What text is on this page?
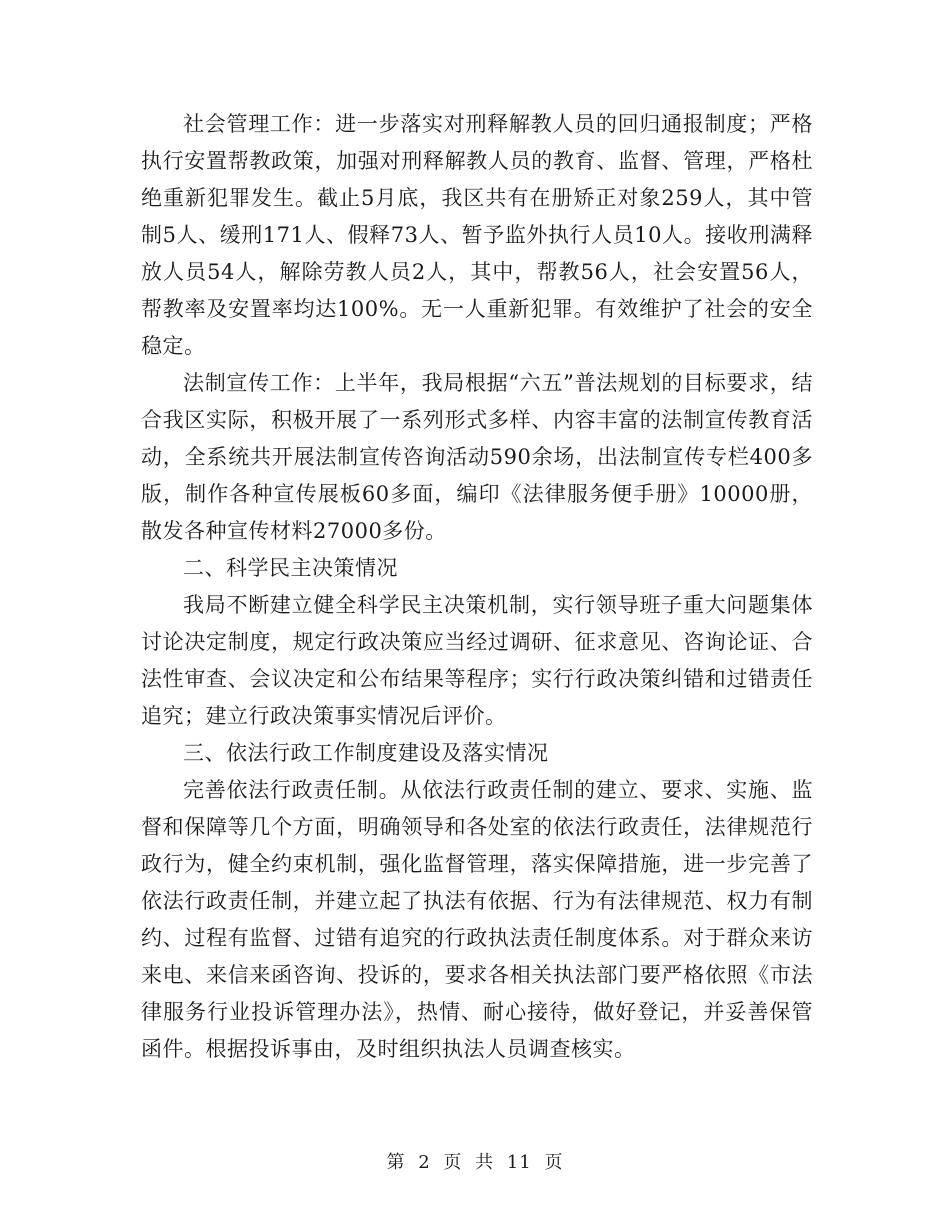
社会管理工作：进一步落实对刑释解教人员的回归通报制度；严格执行安置帮教政策，加强对刑释解教人员的教育、监督、管理，严格杜绝重新犯罪发生。截止5月底，我区共有在册矫正对象259人，其中管制5人、缓刑171人、假释73人、暂予监外执行人员10人。接收刑满释放人员54人，解除劳教人员2人，其中，帮教56人，社会安置56人，帮教率及安置率均达100%。无一人重新犯罪。有效维护了社会的安全稳定。

法制宣传工作：上半年，我局根据“六五”普法规划的目标要求，结合我区实际，积极开展了一系列形式多样、内容丰富的法制宣传教育活动，全系统共开展法制宣传咨询活动590余场，出法制宣传专栏400多版，制作各种宣传展板60多面，编印《法律服务便手册》10000册，散发各种宣传材料27000多份。

二、科学民主决策情况

我局不断建立健全科学民主决策机制，实行领导班子重大问题集体讨论决定制度，规定行政决策应当经过调研、征求意见、咨询论证、合法性审查、会议决定和公布结果等程序；实行行政决策纠错和过错责任追究；建立行政决策事实情况后评价。

三、依法行政工作制度建设及落实情况

完善依法行政责任制。从依法行政责任制的建立、要求、实施、监督和保障等几个方面，明确领导和各处室的依法行政责任，法律规范行政行为，健全约束机制，强化监督管理，落实保障措施，进一步完善了依法行政责任制，并建立起了执法有依据、行为有法律规范、权力有制约、过程有监督、过错有追究的行政执法责任制度体系。对于群众来访来电、来信来函咨询、投诉的，要求各相关执法部门要严格依照《市法律服务行业投诉管理办法》，热情、耐心接待，做好登记，并妥善保管函件。根据投诉事由，及时组织执法人员调查核实。

第 2 页 共 11 页
